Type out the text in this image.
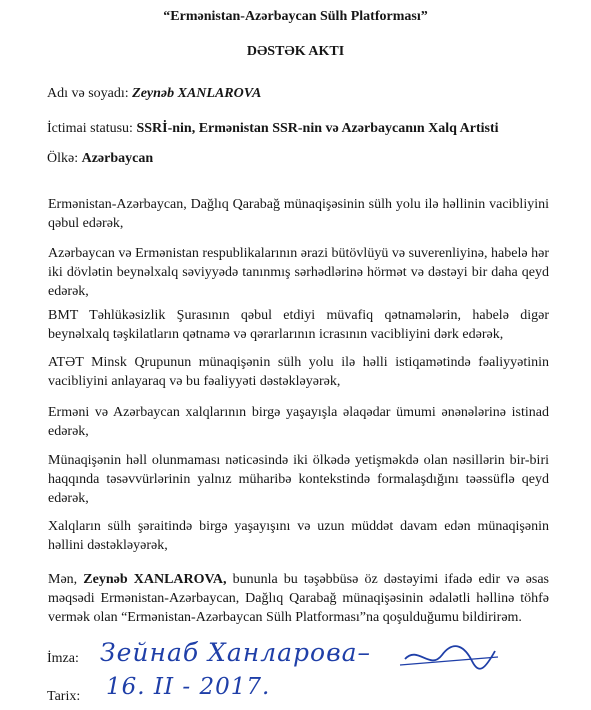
“Ermənistan-Azərbaycan Sülh Platforması”
DƏSTƏK AKTI
Adı və soyadı: Zeynəb XANLAROVA
İctimai statusu: SSRİ-nin, Ermənistan SSR-nin və Azərbaycanın Xalq Artisti
Ölkə: Azərbaycan
Ermənistan-Azərbaycan, Dağlıq Qarabağ münaqişəsinin sülh yolu ilə həllinin vacibliyini qəbul edərək,
Azərbaycan və Ermənistan respublikalarının ərazi bütövlüyü və suverenliyinə, habelə hər iki dövlətin beynəlxalq səviyyədə tanınmış sərhədlərinə hörmət və dəstəyi bir daha qeyd edərək,
BMT Təhlükəsizlik Şurasının qəbul etdiyi müvafiq qətnamələrin, habelə digər beynəlxalq təşkilatların qətnamə və qərarlarının icrasının vacibliyini dərk edərək,
ATƏT Minsk Qrupunun münaqişənin sülh yolu ilə həlli istiqamətində fəaliyyətinin vacibliyini anlayaraq və bu fəaliyyəti dəstəkləyərək,
Erməni və Azərbaycan xalqlarının birgə yaşayışla əlaqədar ümumi ənənələrinə istinad edərək,
Münaqişənin həll olunmaması nəticəsində iki ölkədə yetişməkdə olan nəsillərin bir-biri haqqında təsəvvürlərinin yalnız müharibə kontekstində formalaşdığını təəssüflə qeyd edərək,
Xalqların sülh şəraitində birgə yaşayışını və uzun müddət davam edən münaqişənin həllini dəstəkləyərək,
Mən, Zeynəb XANLAROVA, bununla bu təşəbbüsə öz dəstəyimi ifadə edir və əsas məqsədi Ermənistan-Azərbaycan, Dağlıq Qarabağ münaqişəsinin ədalətli həllinə töhfə vermək olan “Ermənistan-Azərbaycan Sülh Platforması”na qoşulduğumu bildirirəm.
İmza: Зейнаб Ханларова–
Tarix: 16. II - 2017.
